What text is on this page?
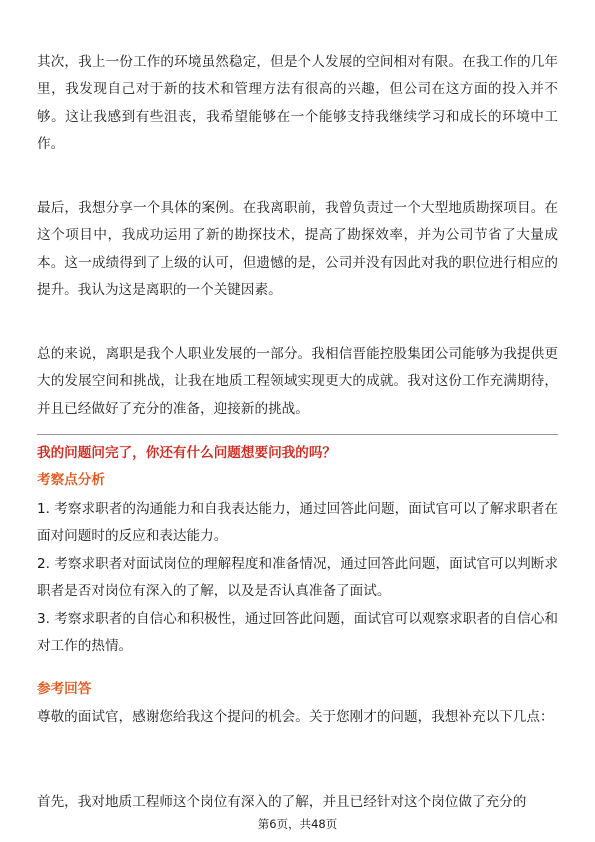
其次，我上一份工作的环境虽然稳定，但是个人发展的空间相对有限。在我工作的几年里，我发现自己对于新的技术和管理方法有很高的兴趣，但公司在这方面的投入并不够。这让我感到有些沮丧，我希望能够在一个能够支持我继续学习和成长的环境中工作。

最后，我想分享一个具体的案例。在我离职前，我曾负责过一个大型地质勘探项目。在这个项目中，我成功运用了新的勘探技术，提高了勘探效率，并为公司节省了大量成本。这一成绩得到了上级的认可，但遗憾的是，公司并没有因此对我的职位进行相应的提升。我认为这是离职的一个关键因素。

总的来说，离职是我个人职业发展的一部分。我相信晋能控股集团公司能够为我提供更大的发展空间和挑战，让我在地质工程领域实现更大的成就。我对这份工作充满期待，并且已经做好了充分的准备，迎接新的挑战。

我的问题问完了，你还有什么问题想要问我的吗？

考察点分析

1. 考察求职者的沟通能力和自我表达能力，通过回答此问题，面试官可以了解求职者在面对问题时的反应和表达能力。

2. 考察求职者对面试岗位的理解程度和准备情况，通过回答此问题，面试官可以判断求职者是否对岗位有深入的了解，以及是否认真准备了面试。

3. 考察求职者的自信心和积极性，通过回答此问题，面试官可以观察求职者的自信心和对工作的热情。

参考回答

尊敬的面试官，感谢您给我这个提问的机会。关于您刚才的问题，我想补充以下几点：

首先，我对地质工程师这个岗位有深入的了解，并且已经针对这个岗位做了充分的

第6页，共48页
